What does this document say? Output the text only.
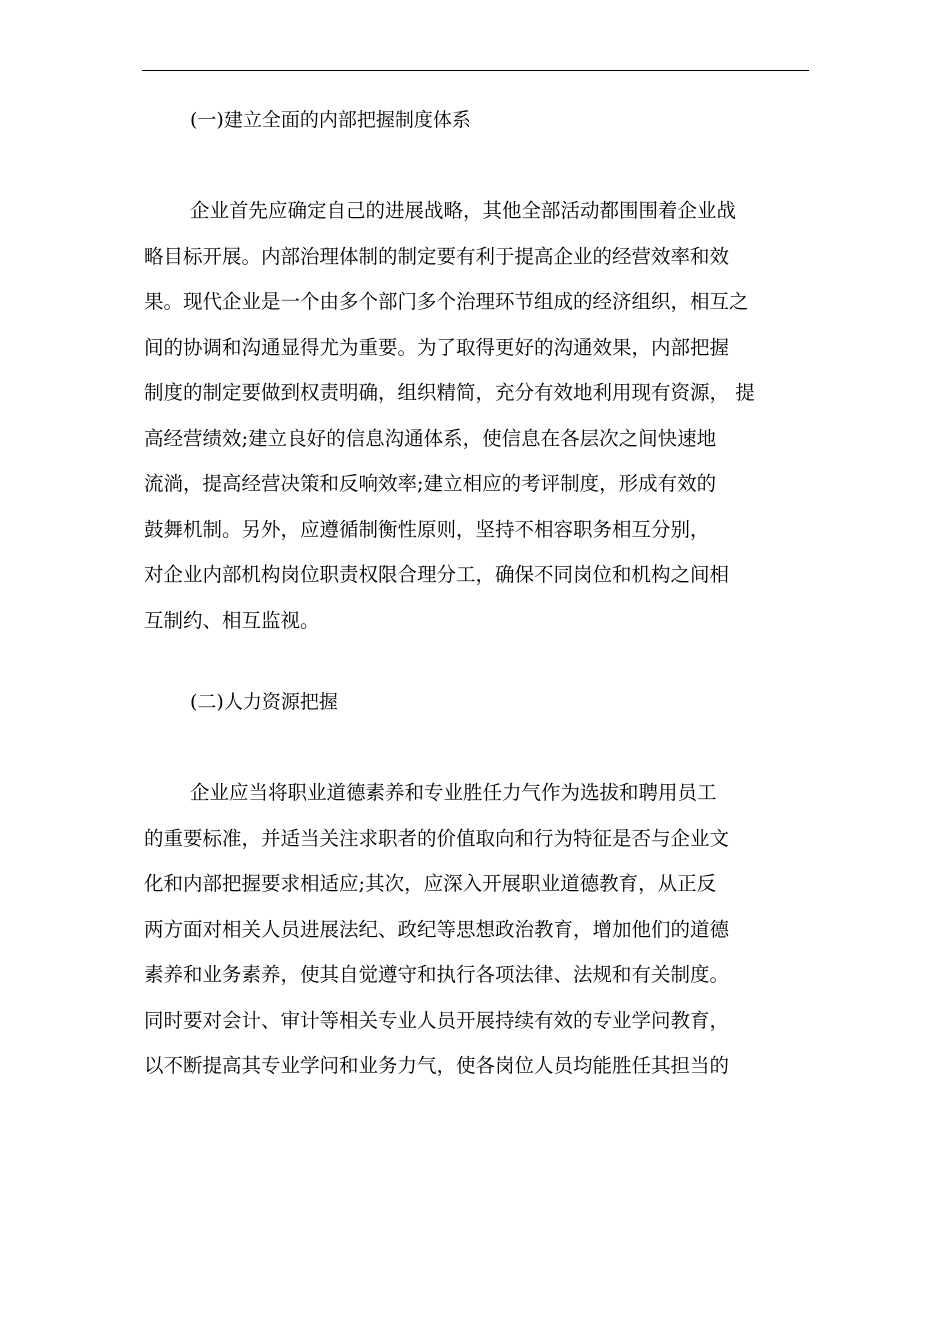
(一)建立全面的内部把握制度体系
企业首先应确定自己的进展战略，其他全部活动都围围着企业战
略目标开展。内部治理体制的制定要有利于提高企业的经营效率和效
果。现代企业是一个由多个部门多个治理环节组成的经济组织，相互之
间的协调和沟通显得尤为重要。为了取得更好的沟通效果，内部把握
制度的制定要做到权责明确，组织精简，充分有效地利用现有资源， 提
高经营绩效;建立良好的信息沟通体系，使信息在各层次之间快速地
流淌，提高经营决策和反响效率;建立相应的考评制度，形成有效的
鼓舞机制。另外，应遵循制衡性原则，坚持不相容职务相互分别，
对企业内部机构岗位职责权限合理分工，确保不同岗位和机构之间相
互制约、相互监视。
(二)人力资源把握
企业应当将职业道德素养和专业胜任力气作为选拔和聘用员工
的重要标准，并适当关注求职者的价值取向和行为特征是否与企业文
化和内部把握要求相适应;其次，应深入开展职业道德教育，从正反
两方面对相关人员进展法纪、政纪等思想政治教育，增加他们的道德
素养和业务素养，使其自觉遵守和执行各项法律、法规和有关制度。
同时要对会计、审计等相关专业人员开展持续有效的专业学问教育，
以不断提高其专业学问和业务力气，使各岗位人员均能胜任其担当的
